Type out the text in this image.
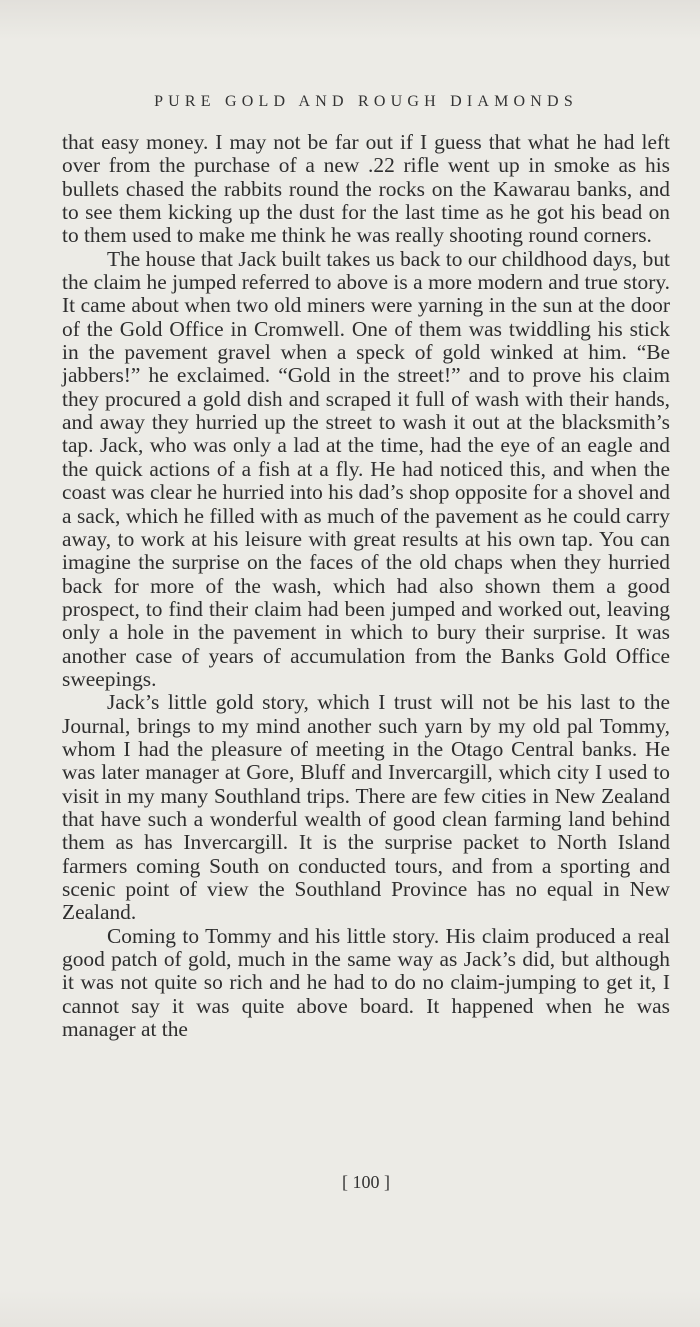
PURE GOLD AND ROUGH DIAMONDS

that easy money. I may not be far out if I guess that what he had left over from the purchase of a new .22 rifle went up in smoke as his bullets chased the rabbits round the rocks on the Kawarau banks, and to see them kicking up the dust for the last time as he got his bead on to them used to make me think he was really shooting round corners.

The house that Jack built takes us back to our childhood days, but the claim he jumped referred to above is a more modern and true story. It came about when two old miners were yarning in the sun at the door of the Gold Office in Cromwell. One of them was twiddling his stick in the pavement gravel when a speck of gold winked at him. “Be jabbers!” he exclaimed. “Gold in the street!” and to prove his claim they procured a gold dish and scraped it full of wash with their hands, and away they hurried up the street to wash it out at the blacksmith’s tap. Jack, who was only a lad at the time, had the eye of an eagle and the quick actions of a fish at a fly. He had noticed this, and when the coast was clear he hurried into his dad’s shop opposite for a shovel and a sack, which he filled with as much of the pavement as he could carry away, to work at his leisure with great results at his own tap. You can imagine the surprise on the faces of the old chaps when they hurried back for more of the wash, which had also shown them a good prospect, to find their claim had been jumped and worked out, leaving only a hole in the pavement in which to bury their surprise. It was another case of years of accumulation from the Banks Gold Office sweepings.

Jack’s little gold story, which I trust will not be his last to the Journal, brings to my mind another such yarn by my old pal Tommy, whom I had the pleasure of meeting in the Otago Central banks. He was later manager at Gore, Bluff and Invercargill, which city I used to visit in my many Southland trips. There are few cities in New Zealand that have such a wonderful wealth of good clean farming land behind them as has Invercargill. It is the surprise packet to North Island farmers coming South on conducted tours, and from a sporting and scenic point of view the Southland Province has no equal in New Zealand.

Coming to Tommy and his little story. His claim produced a real good patch of gold, much in the same way as Jack’s did, but although it was not quite so rich and he had to do no claim-jumping to get it, I cannot say it was quite above board. It happened when he was manager at the

[ 100 ]
